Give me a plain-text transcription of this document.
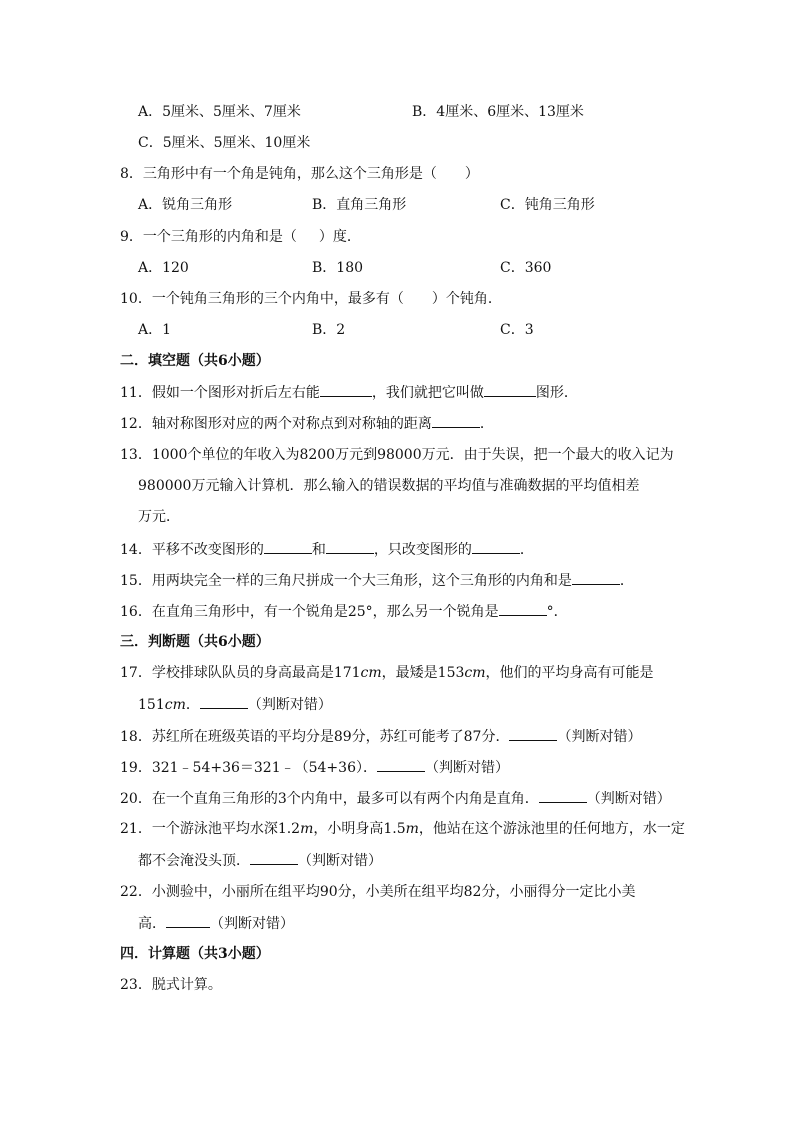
A．5厘米、5厘米、7厘米	B．4厘米、6厘米、13厘米
C．5厘米、5厘米、10厘米
8．三角形中有一个角是钝角，那么这个三角形是（ ）
A．锐角三角形	B．直角三角形	C．钝角三角形
9．一个三角形的内角和是（ ）度．
A．120	B．180	C．360
10．一个钝角三角形的三个内角中，最多有（ ）个钝角．
A．1	B．2	C．3
二．填空题（共6小题）
11．假如一个图形对折后左右能	，我们就把它叫做	图形．
12．轴对称图形对应的两个对称点到对称轴的距离	．
13．1000个单位的年收入为8200万元到98000万元．由于失误，把一个最大的收入记为
980000万元输入计算机．那么输入的错误数据的平均值与准确数据的平均值相差
万元．
14．平移不改变图形的	和	，只改变图形的	．
15．用两块完全一样的三角尺拼成一个大三角形，这个三角形的内角和是	．
16．在直角三角形中，有一个锐角是25°，那么另一个锐角是	°．
三．判断题（共6小题）
17．学校排球队队员的身高最高是171cm，最矮是153cm，他们的平均身高有可能是
151cm．	（判断对错）
18．苏红所在班级英语的平均分是89分，苏红可能考了87分．	（判断对错）
19．321﹣54+36＝321﹣（54+36）．	（判断对错）
20．在一个直角三角形的3个内角中，最多可以有两个内角是直角．	（判断对错）
21．一个游泳池平均水深1.2m，小明身高1.5m，他站在这个游泳池里的任何地方，水一定
都不会淹没头顶．	（判断对错）
22．小测验中，小丽所在组平均90分，小美所在组平均82分，小丽得分一定比小美
高．	（判断对错）
四．计算题（共3小题）
23．脱式计算。
